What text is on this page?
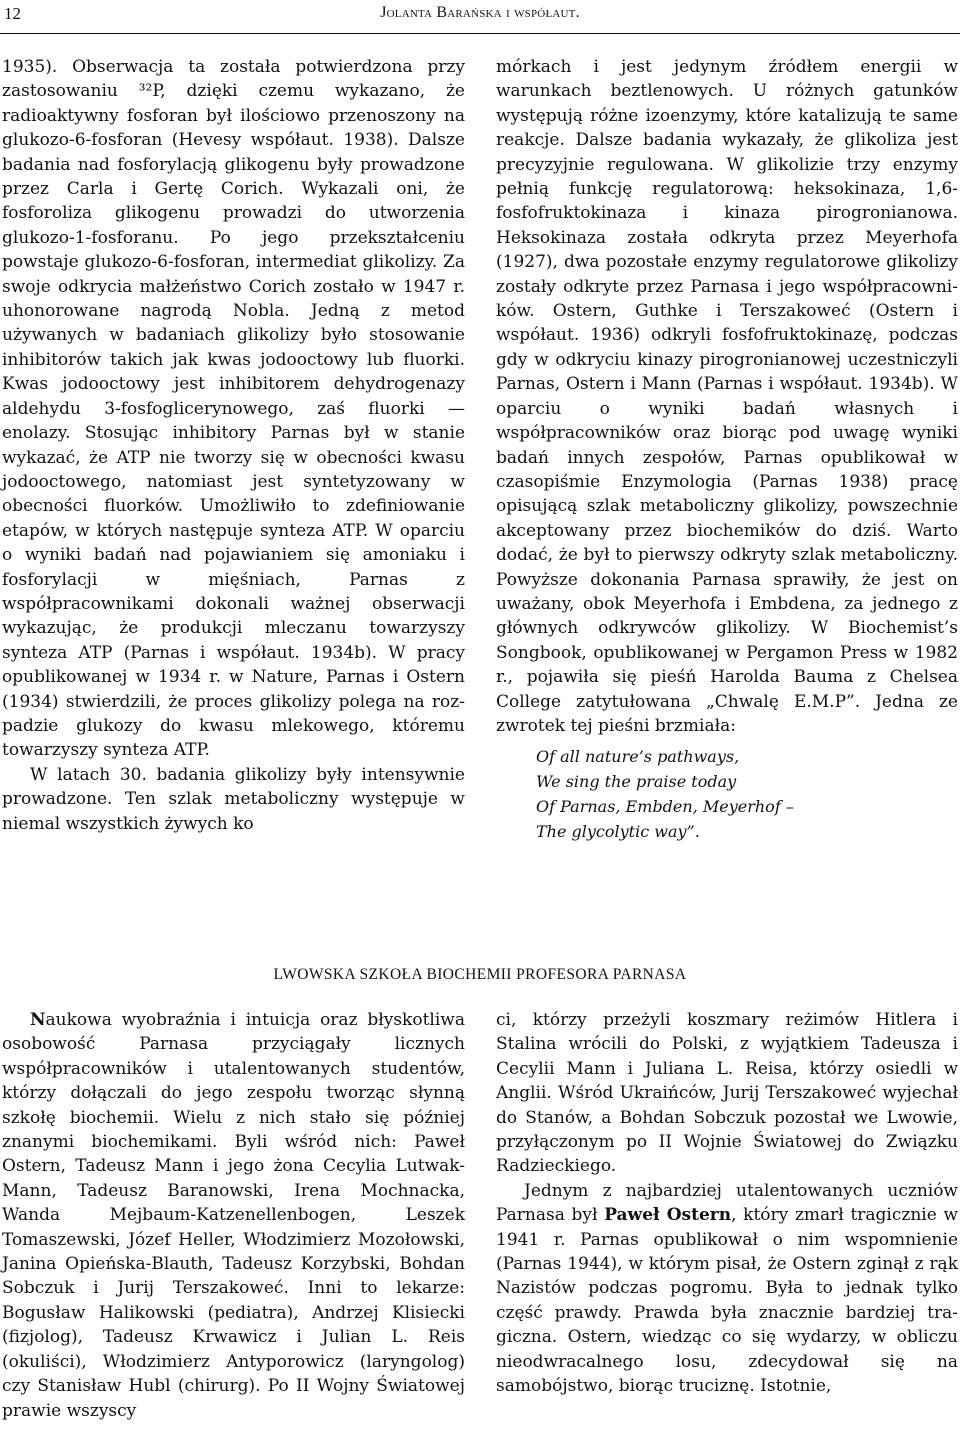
12	Jolanta Barańska i współaut.

1935). Obserwacja ta została potwierdzona przy zastosowaniu ³²P, dzięki czemu wykazano, że radioaktywny fosforan był ilościowo przenoszony na glukozo-6-fosforan (Hevesy współaut. 1938). Dalsze badania nad fosforylacją glikogenu były prowadzone przez Carla i Gertę Corich. Wykazali oni, że fosforoliza glikogenu prowadzi do utworzenia glukozo-1-fosforanu. Po jego przekształceniu powstaje glukozo-6-fosforan, intermediat glikolizy. Za swoje odkrycia małżeństwo Corich zostało w 1947 r. uhonorowane nagrodą Nobla. Jedną z metod używanych w badaniach glikolizy było stosowanie inhibitorów takich jak kwas jodooctowy lub fluorki. Kwas jodooctowy jest inhibitorem dehydrogenazy aldehydu 3-fosfoglicerynowego, zaś fluorki — enolazy. Stosując inhibitory Parnas był w stanie wykazać, że ATP nie tworzy się w obecności kwasu jodooctowego, natomiast jest syntetyzowany w obecności fluorków. Umożliwiło to zdefiniowanie etapów, w których następuje synteza ATP. W oparciu o wyniki badań nad pojawianiem się amoniaku i fosforylacji w mięśniach, Parnas z współpracownikami dokonali ważnej obserwacji wykazując, że produkcji mleczanu towarzyszy synteza ATP (Parnas i współaut. 1934b). W pracy opublikowanej w 1934 r. w Nature, Parnas i Ostern (1934) stwierdzili, że proces glikolizy polega na rozpadzie glukozy do kwasu mlekowego, któremu towarzyszy synteza ATP.

W latach 30. badania glikolizy były intensywnie prowadzone. Ten szlak metaboliczny występuje w niemal wszystkich żywych ko

mórkach i jest jedynym źródłem energii w warunkach beztlenowych. U różnych gatunków występują różne izoenzymy, które katalizują te same reakcje. Dalsze badania wykazały, że glikoliza jest precyzyjnie regulowana. W glikolizie trzy enzymy pełnią funkcję regulatorową: heksokinaza, 1,6-fosfofruktokinaza i kinaza pirogronianowa. Heksokinaza została odkryta przez Meyerhofa (1927), dwa pozostałe enzymy regulatorowe glikolizy zostały odkryte przez Parnasa i jego współpracowników. Ostern, Guthke i Terszakoweć (Ostern i współaut. 1936) odkryli fosfofruktokinazę, podczas gdy w odkryciu kinazy pirogronianowej uczestniczyli Parnas, Ostern i Mann (Parnas i współaut. 1934b). W oparciu o wyniki badań własnych i współpracowników oraz biorąc pod uwagę wyniki badań innych zespołów, Parnas opublikował w czasopiśmie Enzymologia (Parnas 1938) pracę opisującą szlak metaboliczny glikolizy, powszechnie akceptowany przez biochemików do dziś. Warto dodać, że był to pierwszy odkryty szlak metaboliczny. Powyższe dokonania Parnasa sprawiły, że jest on uważany, obok Meyerhofa i Embdena, za jednego z głównych odkrywców glikolizy. W Biochemist’s Songbook, opublikowanej w Pergamon Press w 1982 r., pojawiła się pieśń Harolda Bauma z Chelsea College zatytułowana „Chwalę E.M.P”. Jedna ze zwrotek tej pieśni brzmiała:

Of all nature’s pathways,
We sing the praise today
Of Parnas, Embden, Meyerhof –
The glycolytic way”.
LWOWSKA SZKOŁA BIOCHEMII PROFESORA PARNASA

Naukowa wyobraźnia i intuicja oraz błyskotliwa osobowość Parnasa przyciągały licznych współpracowników i utalentowanych studentów, którzy dołączali do jego zespołu tworząc słynną szkołę biochemii. Wielu z nich stało się później znanymi biochemikami. Byli wśród nich: Paweł Ostern, Tadeusz Mann i jego żona Cecylia Lutwak-Mann, Tadeusz Baranowski, Irena Mochnacka, Wanda Mejbaum-Katzenellenbogen, Leszek Tomaszewski, Józef Heller, Włodzimierz Mozołowski, Janina Opieńska-Blauth, Tadeusz Korzybski, Bohdan Sobczuk i Jurij Terszakoweć. Inni to lekarze: Bogusław Halikowski (pediatra), Andrzej Klisiecki (fizjolog), Tadeusz Krwawicz i Julian L. Reis (okuliści), Włodzimierz Antyporowicz (laryngolog) czy Stanisław Hubl (chirurg). Po II Wojny Światowej prawie wszyscy

ci, którzy przeżyli koszmary reżimów Hitlera i Stalina wrócili do Polski, z wyjątkiem Tadeusza i Cecylii Mann i Juliana L. Reisa, którzy osiedli w Anglii. Wśród Ukraińców, Jurij Terszakoweć wyjechał do Stanów, a Bohdan Sobczuk pozostał we Lwowie, przyłączonym po II Wojnie Światowej do Związku Radzieckiego.

Jednym z najbardziej utalentowanych uczniów Parnasa był Paweł Ostern, który zmarł tragicznie w 1941 r. Parnas opublikował o nim wspomnienie (Parnas 1944), w którym pisał, że Ostern zginął z rąk Nazistów podczas pogromu. Była to jednak tylko część prawdy. Prawda była znacznie bardziej tragiczna. Ostern, wiedząc co się wydarzy, w obliczu nieodwracalnego losu, zdecydował się na samobójstwo, biorąc truciznę. Istotnie,
